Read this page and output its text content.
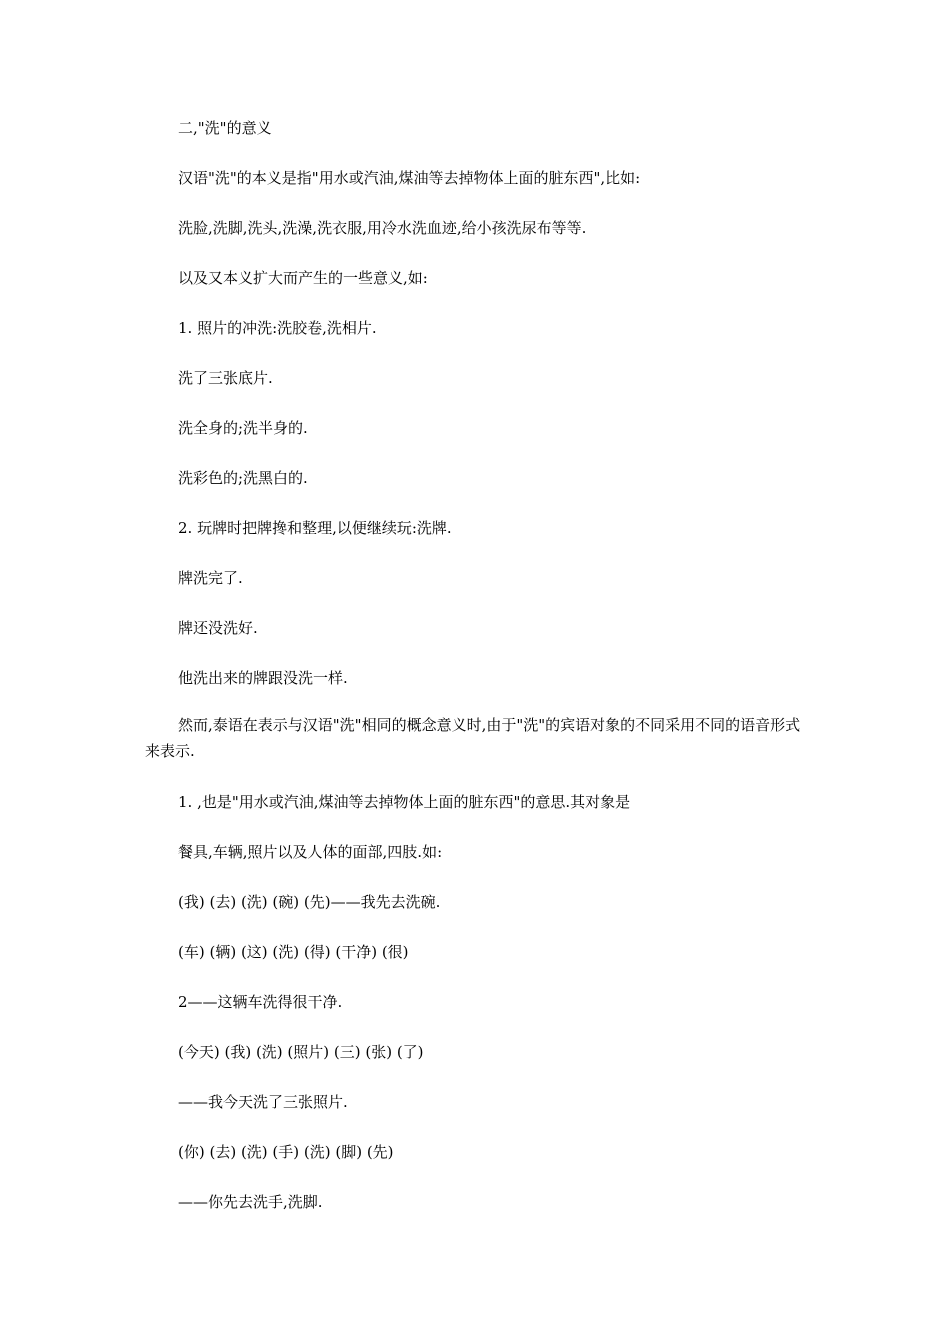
二,"洗"的意义

汉语"洗"的本义是指"用水或汽油,煤油等去掉物体上面的脏东西",比如:

洗脸,洗脚,洗头,洗澡,洗衣服,用冷水洗血迹,给小孩洗尿布等等.

以及又本义扩大而产生的一些意义,如:

1. 照片的冲洗:洗胶卷,洗相片.

洗了三张底片.

洗全身的;洗半身的.

洗彩色的;洗黑白的.

2. 玩牌时把牌搀和整理,以便继续玩:洗牌.

牌洗完了.

牌还没洗好.

他洗出来的牌跟没洗一样.

然而,泰语在表示与汉语"洗"相同的概念意义时,由于"洗"的宾语对象的不同采用不同的语音形式来表示.

1. ,也是"用水或汽油,煤油等去掉物体上面的脏东西"的意思.其对象是

餐具,车辆,照片以及人体的面部,四肢.如:

(我) (去) (洗) (碗) (先)——我先去洗碗.

(车) (辆) (这) (洗) (得) (干净) (很)

2——这辆车洗得很干净.

(今天) (我) (洗) (照片) (三) (张) (了)

——我今天洗了三张照片.

(你) (去) (洗) (手) (洗) (脚) (先)

——你先去洗手,洗脚.
